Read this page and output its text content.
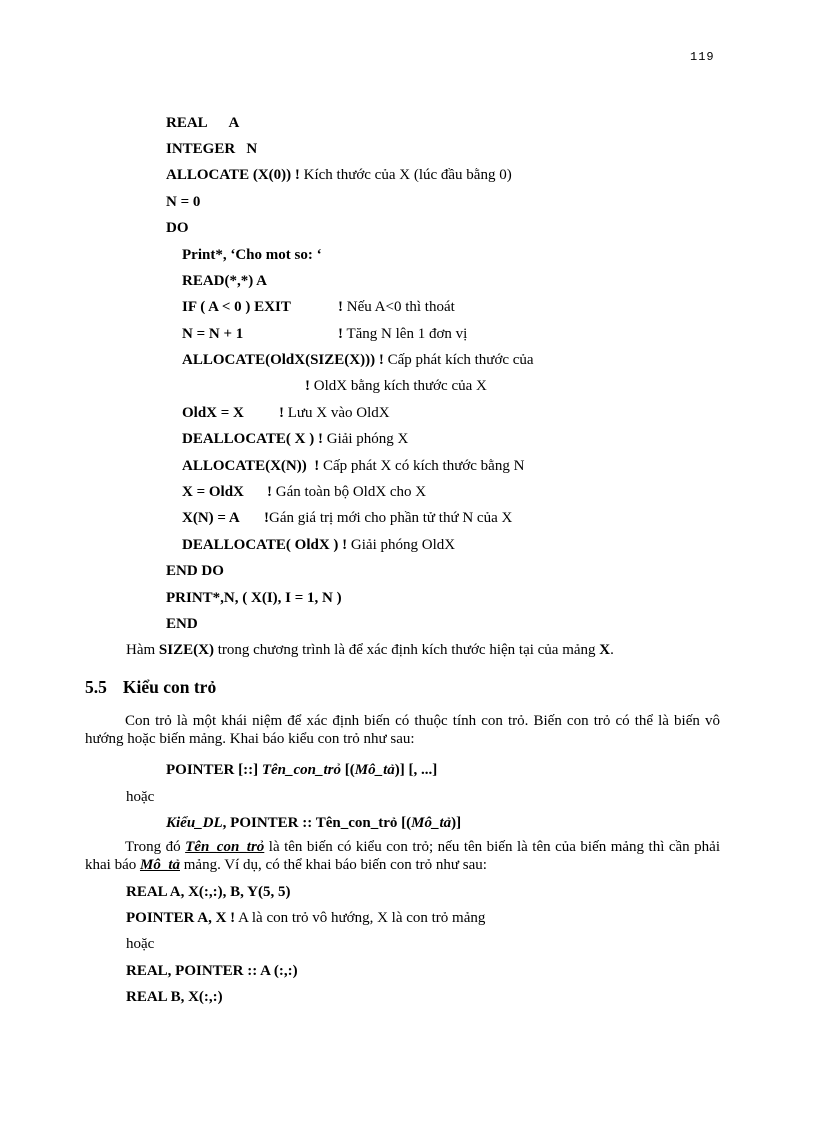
119
REAL      A
INTEGER   N
ALLOCATE (X(0)) ! Kích thước của X (lúc đầu bằng 0)
N = 0
DO
Print*, ‘Cho mot so: ‘
READ(*,*) A
IF ( A < 0 ) EXIT	! Nếu A<0 thì thoát
N = N + 1	! Tăng N lên 1 đơn vị
ALLOCATE(OldX(SIZE(X))) ! Cấp phát kích thước của
! OldX bằng kích thước của X
OldX = X ! Lưu X vào OldX
DEALLOCATE( X ) ! Giải phóng X
ALLOCATE(X(N))  ! Cấp phát X có kích thước bằng N
X = OldX ! Gán toàn bộ OldX cho X
X(N) = A !Gán giá trị mới cho phần tử thứ N của X
DEALLOCATE( OldX ) ! Giải phóng OldX
END DO
PRINT*,N, ( X(I), I = 1, N )
END
Hàm SIZE(X) trong chương trình là để xác định kích thước hiện tại của mảng X.
5.5 Kiểu con trỏ
Con trỏ là một khái niệm để xác định biến có thuộc tính con trỏ. Biến con trỏ có thể là biến vô hướng hoặc biến mảng. Khai báo kiểu con trỏ như sau:
POINTER [::] Tên_con_trỏ [(Mô_tả)] [, ...]
hoặc
Kiểu_DL, POINTER :: Tên_con_trỏ [(Mô_tả)]
Trong đó Tên_con_trỏ là tên biến có kiểu con trỏ; nếu tên biến là tên của biến mảng thì cần phải khai báo Mô_tả mảng. Ví dụ, có thể khai báo biến con trỏ như sau:
REAL A, X(:,:), B, Y(5, 5)
POINTER A, X ! A là con trỏ vô hướng, X là con trỏ mảng
hoặc
REAL, POINTER :: A (:,:)
REAL B, X(:,:)
